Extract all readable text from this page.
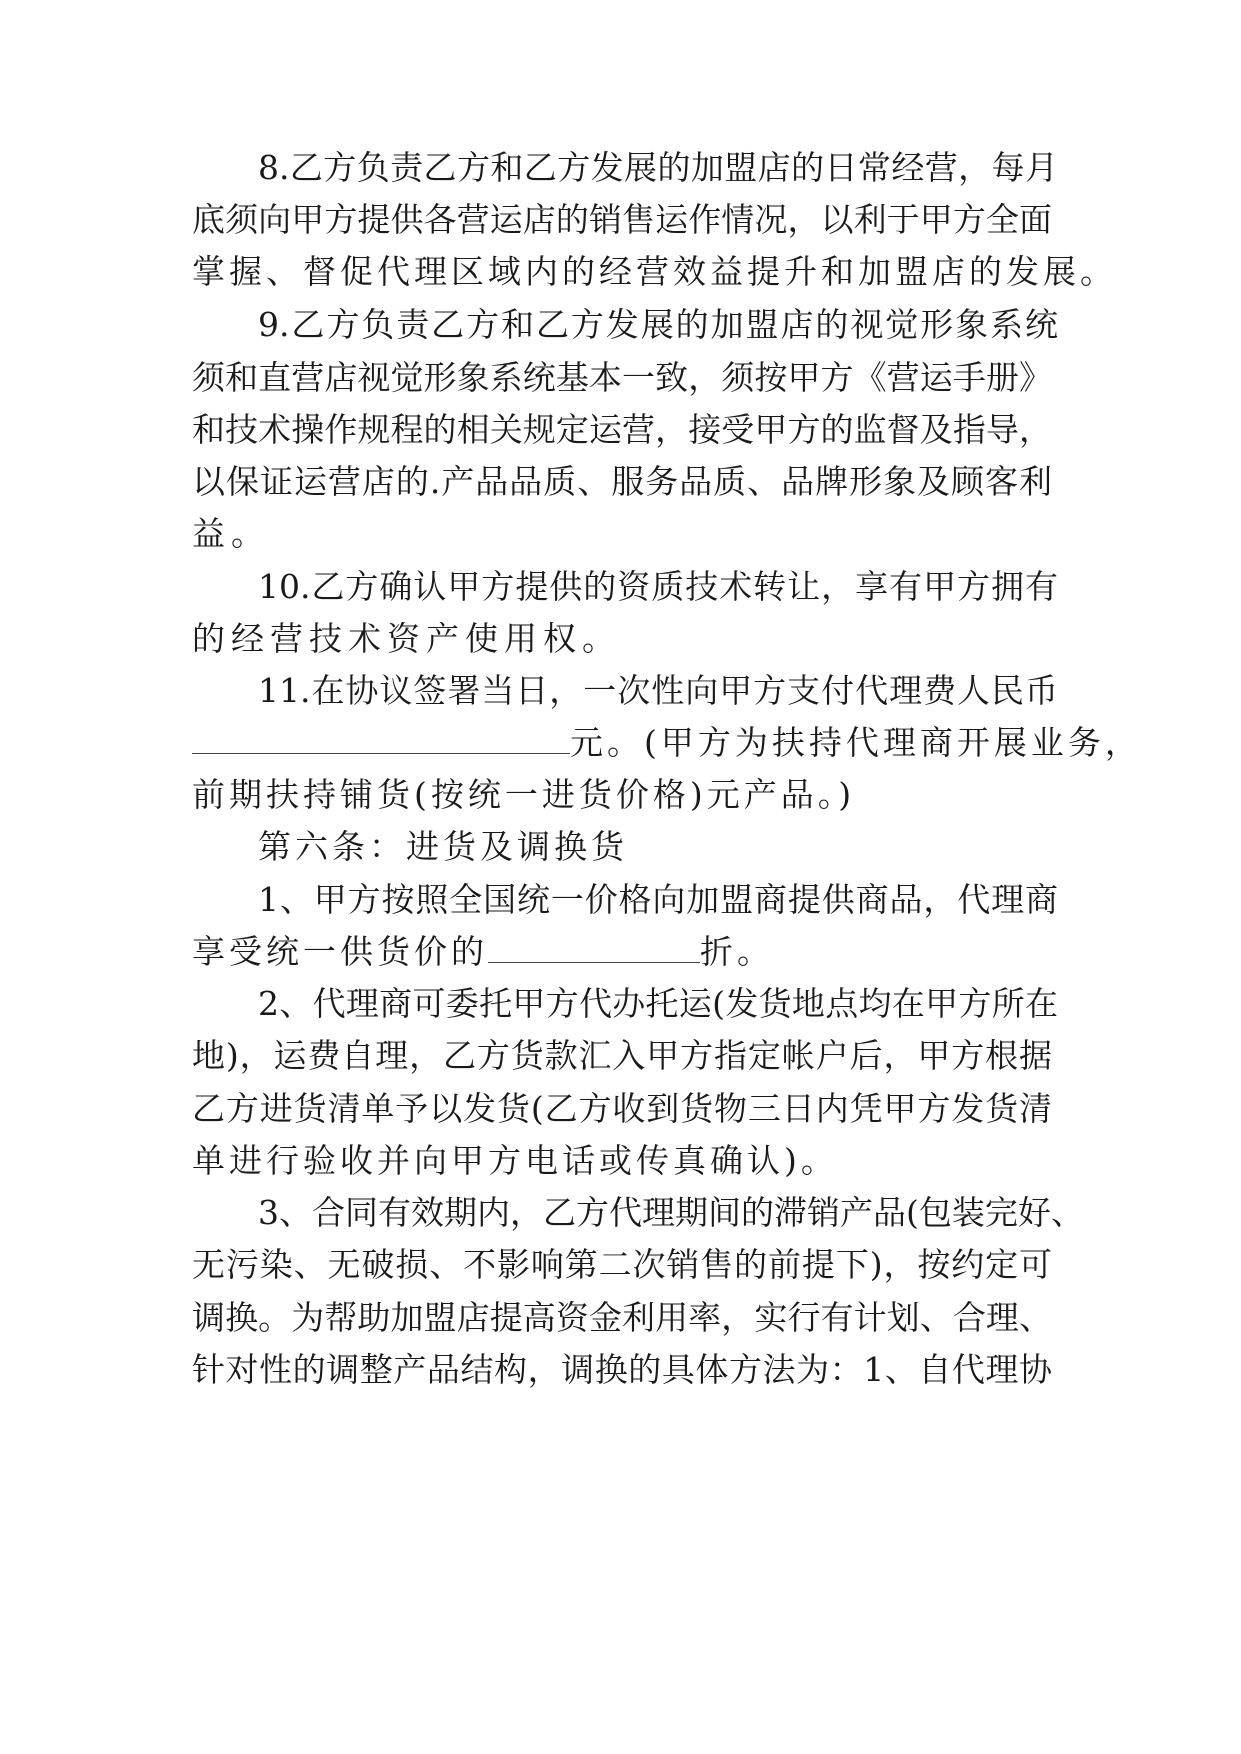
8.乙方负责乙方和乙方发展的加盟店的日常经营，每月
底须向甲方提供各营运店的销售运作情况，以利于甲方全面
掌握、督促代理区域内的经营效益提升和加盟店的发展。
9.乙方负责乙方和乙方发展的加盟店的视觉形象系统
须和直营店视觉形象系统基本一致，须按甲方《营运手册》
和技术操作规程的相关规定运营，接受甲方的监督及指导，
以保证运营店的.产品品质、服务品质、品牌形象及顾客利
益。
10.乙方确认甲方提供的资质技术转让，享有甲方拥有
的经营技术资产使用权。
11.在协议签署当日，一次性向甲方支付代理费人民币
元。(甲方为扶持代理商开展业务，
前期扶持铺货(按统一进货价格)元产品。)
第六条：进货及调换货
1、甲方按照全国统一价格向加盟商提供商品，代理商
享受统一供货价的	折。
2、代理商可委托甲方代办托运(发货地点均在甲方所在
地)，运费自理，乙方货款汇入甲方指定帐户后，甲方根据
乙方进货清单予以发货(乙方收到货物三日内凭甲方发货清
单进行验收并向甲方电话或传真确认)。
3、合同有效期内，乙方代理期间的滞销产品(包装完好、
无污染、无破损、不影响第二次销售的前提下)，按约定可
调换。为帮助加盟店提高资金利用率，实行有计划、合理、
针对性的调整产品结构，调换的具体方法为：1、自代理协
